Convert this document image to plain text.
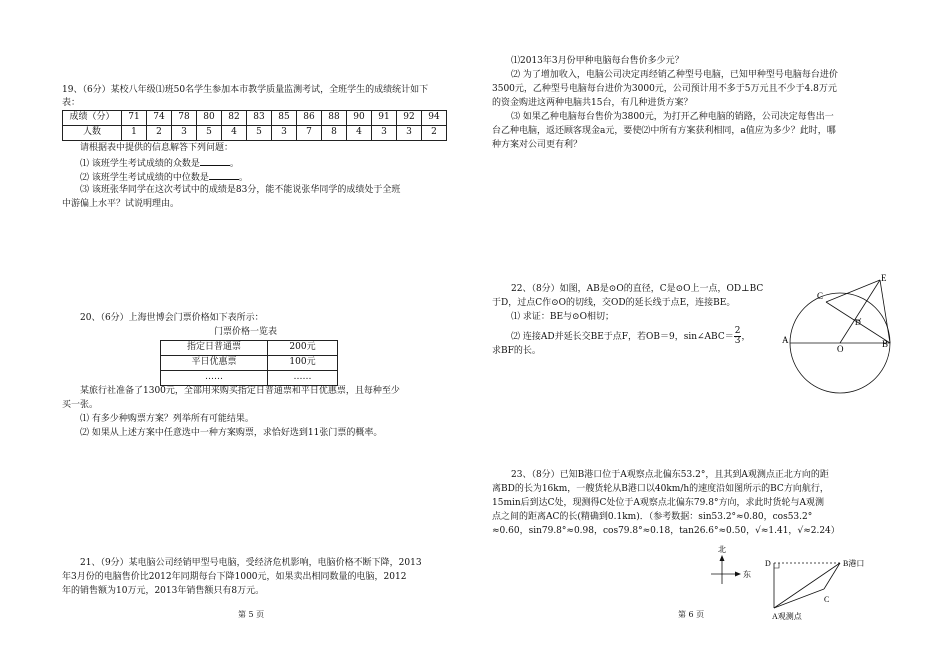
19、（6分）某校八年级⑴班50名学生参加本市教学质量监测考试，全班学生的成绩统计如下
表：
成绩（分）	71	74	78	80	82	83	85	86	88	90	91	92	94
人数	1	2	3	5	4	5	3	7	8	4	3	3	2
请根据表中提供的信息解答下列问题：
⑴ 该班学生考试成绩的众数是	。
⑵ 该班学生考试成绩的中位数是	。
⑶ 该班张华同学在这次考试中的成绩是83分，能不能说张华同学的成绩处于全班
中游偏上水平？试说明理由。
20、（6分）上海世博会门票价格如下表所示：
门票价格一览表
指定日普通票	200元
平日优惠票	100元
……	……
某旅行社准备了1300元，全部用来购买指定日普通票和平日优惠票，且每种至少
买一张。
⑴ 有多少种购票方案？列举所有可能结果。
⑵ 如果从上述方案中任意选中一种方案购票，求恰好选到11张门票的概率。
21、（9分）某电脑公司经销甲型号电脑，受经济危机影响，电脑价格不断下降，2013
年3月份的电脑售价比2012年同期每台下降1000元，如果卖出相同数量的电脑，2012
年的销售额为10万元，2013年销售额只有8万元。
第 5 页
⑴2013年3月份甲种电脑每台售价多少元？
⑵ 为了增加收入，电脑公司决定再经销乙种型号电脑，已知甲种型号电脑每台进价
3500元，乙种型号电脑每台进价为3000元，公司预计用不多于5万元且不少于4.8万元
的资金购进这两种电脑共15台，有几种进货方案？
⑶ 如果乙种电脑每台售价为3800元，为打开乙种电脑的销路，公司决定每售出一
台乙种电脑，返还顾客现金a元，要使⑵中所有方案获利相同，a值应为多少？此时，哪
种方案对公司更有利？
22、（8分）如图，AB是⊙O的直径，C是⊙O上一点，OD⊥BC
于D，过点C作⊙O的切线，交OD的延长线于点E，连接BE。
⑴ 求证：BE与⊙O相切；
⑵ 连接AD并延长交BE于点F，若OB＝9，sin∠ABC＝ $\frac{2}{3}$ ，
求BF的长。
E
C
D
A
O	B
23、（8分）已知B港口位于A观察点北偏东53.2°，且其到A观测点正北方向的距
离BD的长为16km，一艘货轮从B港口以40km/h的速度沿如图所示的BC方向航行，
15min后到达C处，现测得C处位于A观察点北偏东79.8°方向，求此时货轮与A观测
点之间的距离AC的长(精确到0.1km)．（参考数据：sin53.2°≈0.80，cos53.2°
≈0.60，sin79.8°≈0.98，cos79.8°≈0.18，tan26.6°≈0.50，√≈1.41，√≈2.24）
北
东
D	B港口
C
A观测点
第 6 页
